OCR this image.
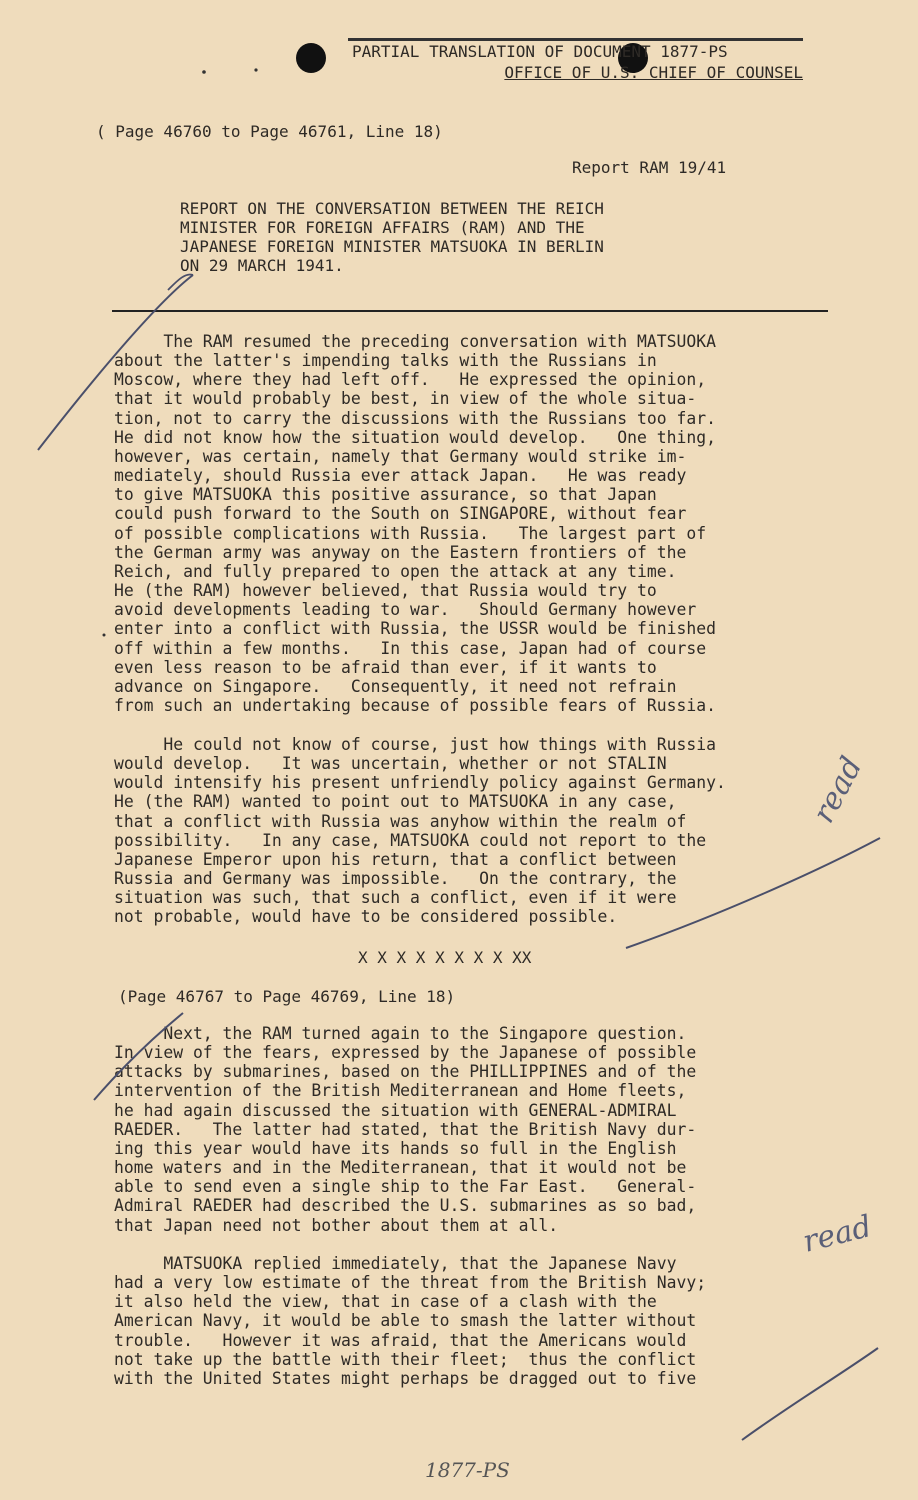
PARTIAL TRANSLATION OF DOCUMENT 1877-PS
OFFICE OF U.S. CHIEF OF COUNSEL
( Page 46760 to Page 46761, Line 18)
Report RAM 19/41
REPORT ON THE CONVERSATION BETWEEN THE REICH
MINISTER FOR FOREIGN AFFAIRS (RAM) AND THE
JAPANESE FOREIGN MINISTER MATSUOKA IN BERLIN
ON 29 MARCH 1941.
The RAM resumed the preceding conversation with MATSUOKA
about the latter's impending talks with the Russians in
Moscow, where they had left off.   He expressed the opinion,
that it would probably be best, in view of the whole situa-
tion, not to carry the discussions with the Russians too far.
He did not know how the situation would develop.   One thing,
however, was certain, namely that Germany would strike im-
mediately, should Russia ever attack Japan.   He was ready
to give MATSUOKA this positive assurance, so that Japan
could push forward to the South on SINGAPORE, without fear
of possible complications with Russia.   The largest part of
the German army was anyway on the Eastern frontiers of the
Reich, and fully prepared to open the attack at any time.
He (the RAM) however believed, that Russia would try to
avoid developments leading to war.   Should Germany however
enter into a conflict with Russia, the USSR would be finished
off within a few months.   In this case, Japan had of course
even less reason to be afraid than ever, if it wants to
advance on Singapore.   Consequently, it need not refrain
from such an undertaking because of possible fears of Russia.
He could not know of course, just how things with Russia
would develop.   It was uncertain, whether or not STALIN
would intensify his present unfriendly policy against Germany.
He (the RAM) wanted to point out to MATSUOKA in any case,
that a conflict with Russia was anyhow within the realm of
possibility.   In any case, MATSUOKA could not report to the
Japanese Emperor upon his return, that a conflict between
Russia and Germany was impossible.   On the contrary, the
situation was such, that such a conflict, even if it were
not probable, would have to be considered possible.
X X X X X X X X XX
(Page 46767 to Page 46769, Line 18)
Next, the RAM turned again to the Singapore question.
In view of the fears, expressed by the Japanese of possible
attacks by submarines, based on the PHILLIPPINES and of the
intervention of the British Mediterranean and Home fleets,
he had again discussed the situation with GENERAL-ADMIRAL
RAEDER.   The latter had stated, that the British Navy dur-
ing this year would have its hands so full in the English
home waters and in the Mediterranean, that it would not be
able to send even a single ship to the Far East.   General-
Admiral RAEDER had described the U.S. submarines as so bad,
that Japan need not bother about them at all.
MATSUOKA replied immediately, that the Japanese Navy
had a very low estimate of the threat from the British Navy;
it also held the view, that in case of a clash with the
American Navy, it would be able to smash the latter without
trouble.   However it was afraid, that the Americans would
not take up the battle with their fleet;  thus the conflict
with the United States might perhaps be dragged out to five
read
read
1877-PS
